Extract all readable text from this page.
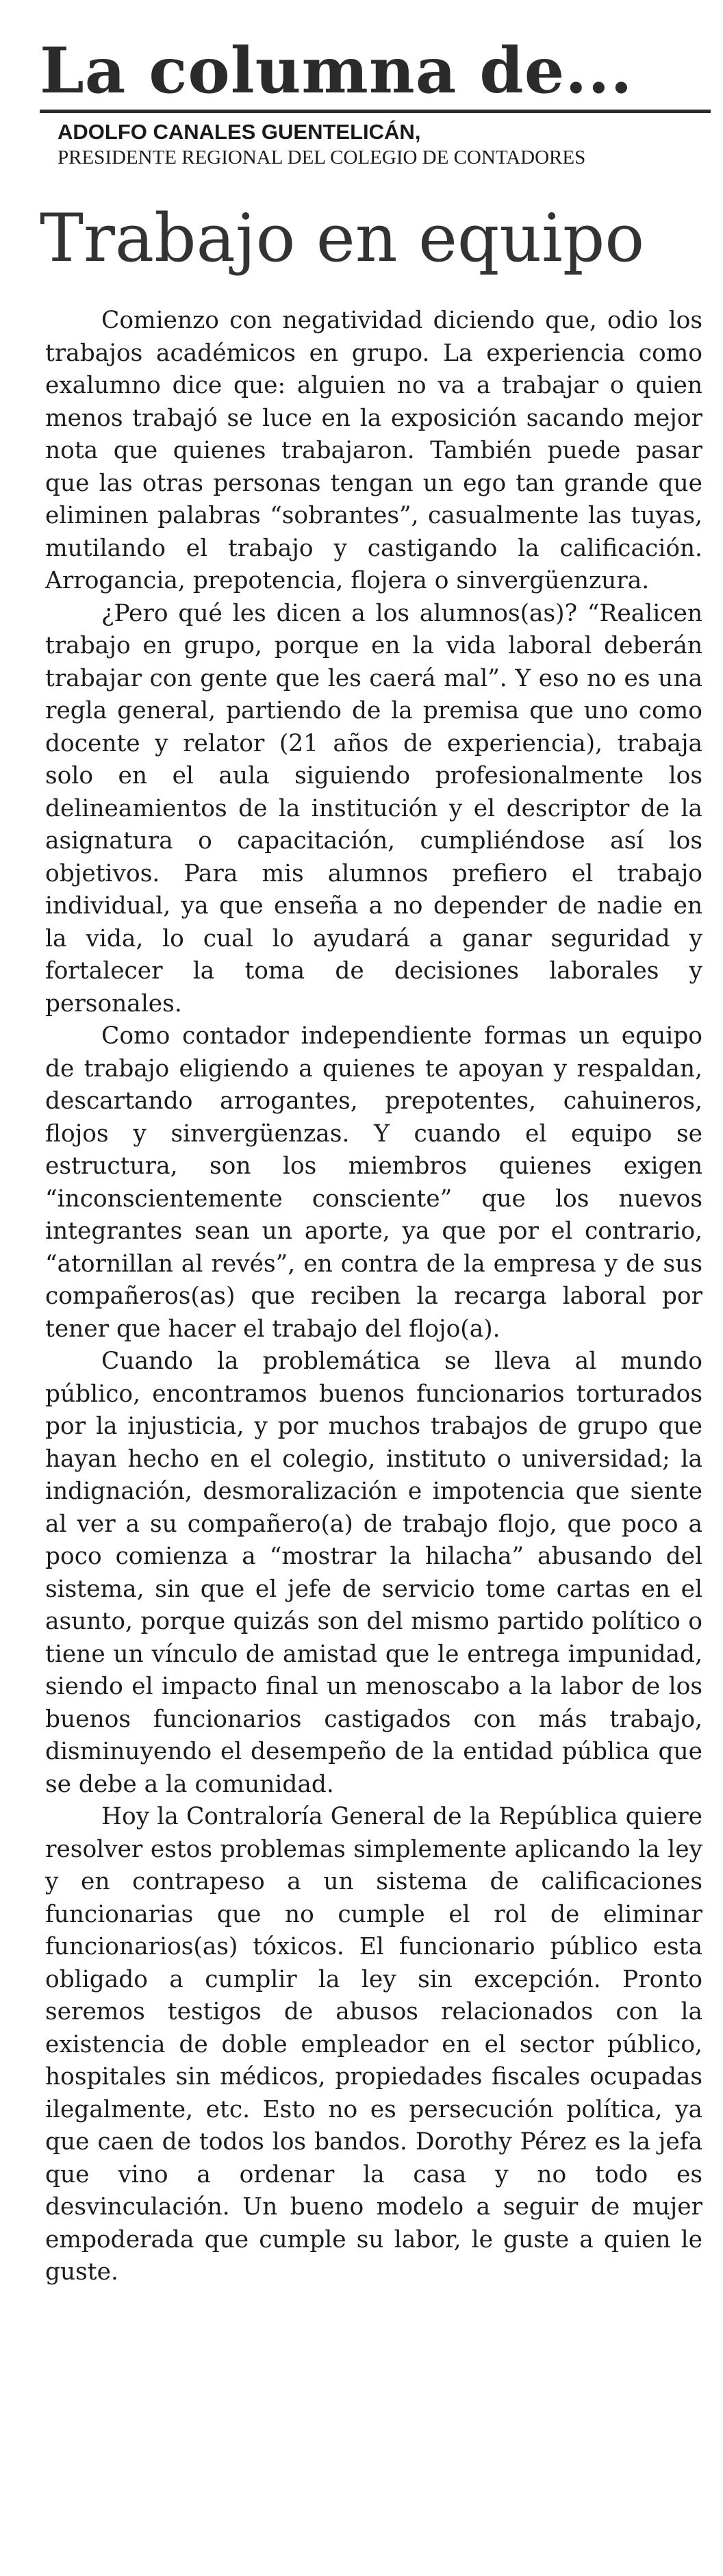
La columna de...
ADOLFO CANALES GUENTELICÁN,
PRESIDENTE REGIONAL DEL COLEGIO DE CONTADORES
Trabajo en equipo

Comienzo con negatividad diciendo que, odio los trabajos académicos en grupo. La experiencia como exalumno dice que: alguien no va a trabajar o quien menos trabajó se luce en la exposición sacando mejor nota que quienes trabajaron. También puede pasar que las otras personas tengan un ego tan grande que eliminen palabras “sobrantes”, casualmente las tuyas, mutilando el trabajo y castigando la calificación. Arrogancia, prepotencia, flojera o sinvergüenzura.

¿Pero qué les dicen a los alumnos(as)? “Realicen trabajo en grupo, porque en la vida laboral deberán trabajar con gente que les caerá mal”. Y eso no es una regla general, partiendo de la premisa que uno como docente y relator (21 años de experiencia), trabaja solo en el aula siguiendo profesionalmente los delineamientos de la institución y el descriptor de la asignatura o capacitación, cumpliéndose así los objetivos. Para mis alumnos prefiero el trabajo individual, ya que enseña a no depender de nadie en la vida, lo cual lo ayudará a ganar seguridad y fortalecer la toma de decisiones laborales y personales.

Como contador independiente formas un equipo de trabajo eligiendo a quienes te apoyan y respaldan, descartando arrogantes, prepotentes, cahuineros, flojos y sinvergüenzas. Y cuando el equipo se estructura, son los miembros quienes exigen “inconscientemente consciente” que los nuevos integrantes sean un aporte, ya que por el contrario, “atornillan al revés”, en contra de la empresa y de sus compañeros(as) que reciben la recarga laboral por tener que hacer el trabajo del flojo(a).

Cuando la problemática se lleva al mundo público, encontramos buenos funcionarios torturados por la injusticia, y por muchos trabajos de grupo que hayan hecho en el colegio, instituto o universidad; la indignación, desmoralización e impotencia que siente al ver a su compañero(a) de trabajo flojo, que poco a poco comienza a “mostrar la hilacha” abusando del sistema, sin que el jefe de servicio tome cartas en el asunto, porque quizás son del mismo partido político o tiene un vínculo de amistad que le entrega impunidad, siendo el impacto final un menoscabo a la labor de los buenos funcionarios castigados con más trabajo, disminuyendo el desempeño de la entidad pública que se debe a la comunidad.

Hoy la Contraloría General de la República quiere resolver estos problemas simplemente aplicando la ley y en contrapeso a un sistema de calificaciones funcionarias que no cumple el rol de eliminar funcionarios(as) tóxicos. El funcionario público esta obligado a cumplir la ley sin excepción. Pronto seremos testigos de abusos relacionados con la existencia de doble empleador en el sector público, hospitales sin médicos, propiedades fiscales ocupadas ilegalmente, etc. Esto no es persecución política, ya que caen de todos los bandos. Dorothy Pérez es la jefa que vino a ordenar la casa y no todo es desvinculación. Un bueno modelo a seguir de mujer empoderada que cumple su labor, le guste a quien le guste.
